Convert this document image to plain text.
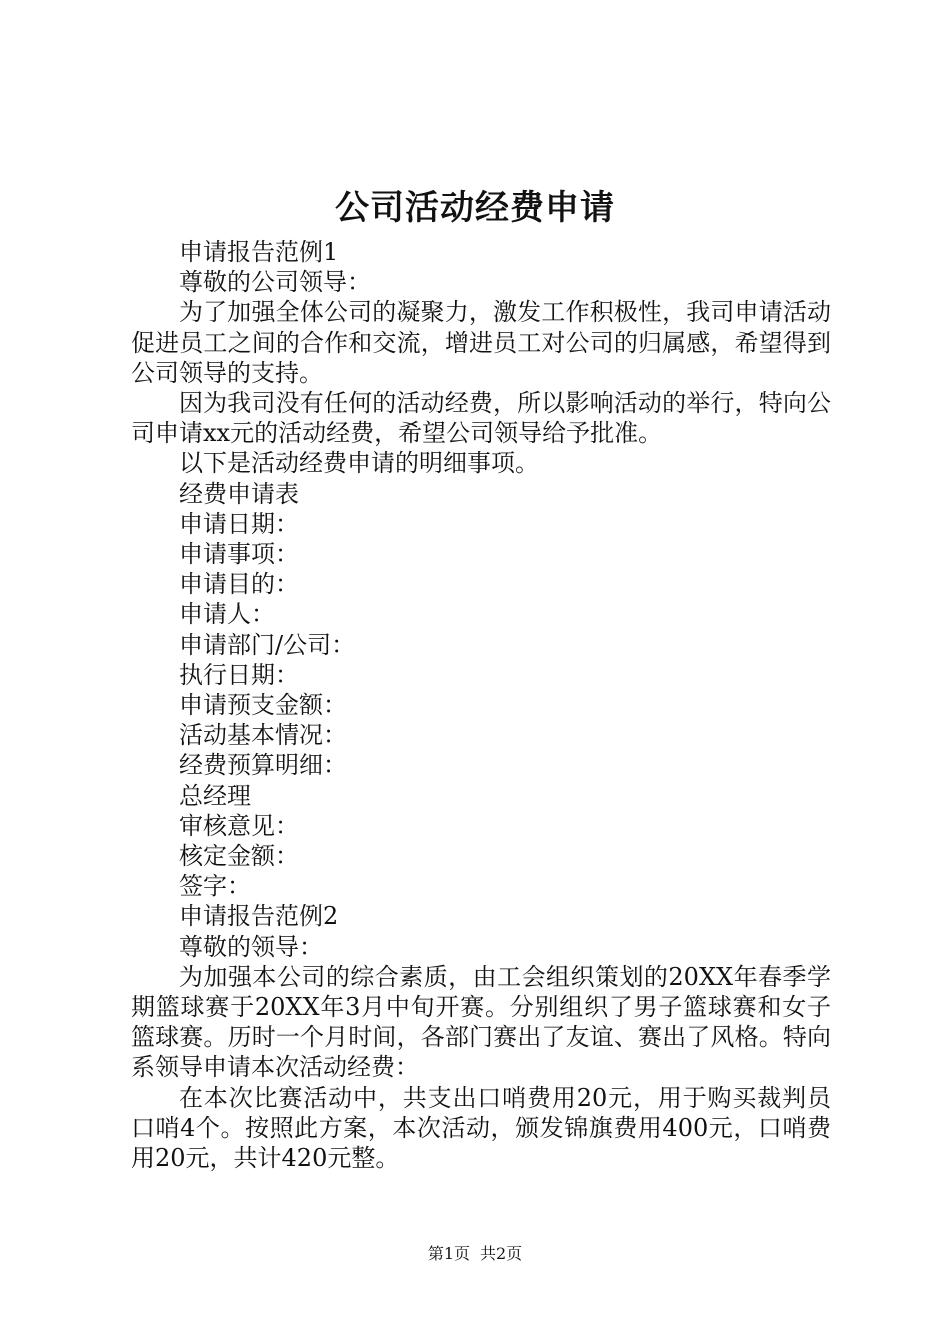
公司活动经费申请

申请报告范例1

尊敬的公司领导：

为了加强全体公司的凝聚力，激发工作积极性，我司申请活动促进员工之间的合作和交流，增进员工对公司的归属感，希望得到公司领导的支持。

因为我司没有任何的活动经费，所以影响活动的举行，特向公司申请xx元的活动经费，希望公司领导给予批准。

以下是活动经费申请的明细事项。

经费申请表

申请日期：

申请事项：

申请目的：

申请人：

申请部门/公司：

执行日期：

申请预支金额：

活动基本情况：

经费预算明细：

总经理

审核意见：

核定金额：

签字：

申请报告范例2

尊敬的领导：

为加强本公司的综合素质，由工会组织策划的20XX年春季学期篮球赛于20XX年3月中旬开赛。分别组织了男子篮球赛和女子篮球赛。历时一个月时间，各部门赛出了友谊、赛出了风格。特向系领导申请本次活动经费：

在本次比赛活动中，共支出口哨费用20元，用于购买裁判员口哨4个。按照此方案，本次活动，颁发锦旗费用400元，口哨费用20元，共计420元整。

第1页 共2页
